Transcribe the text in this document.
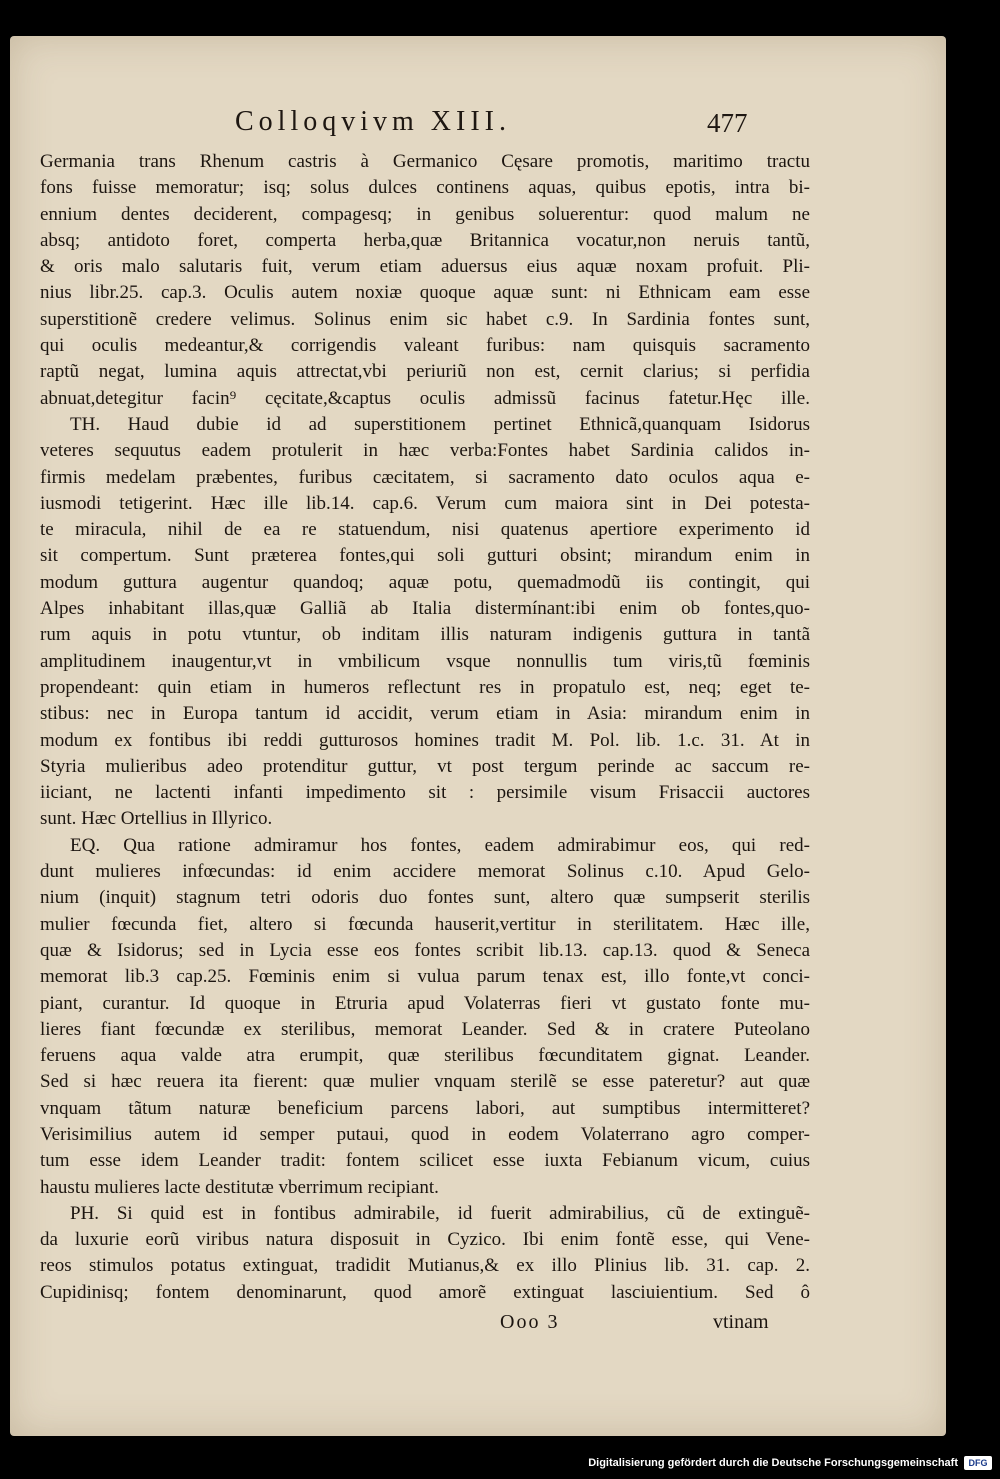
Colloqvivm XIII.	477
Germania trans Rhenum castris à Germanico Cęsare promotis, maritimo tractu
fons fuisse memoratur; isq; solus dulces continens aquas, quibus epotis, intra bi-
ennium dentes deciderent, compagesq; in genibus soluerentur: quod malum ne
absq; antidoto foret, comperta herba,quæ Britannica vocatur,non neruis tantũ,
& oris malo salutaris fuit, verum etiam aduersus eius aquæ noxam profuit. Pli-
nius libr.25. cap.3. Oculis autem noxiæ quoque aquæ sunt: ni Ethnicam eam esse
superstitionẽ credere velimus. Solinus enim sic habet c.9. In Sardinia fontes sunt,
qui oculis medeantur,& corrigendis valeant furibus: nam quisquis sacramento
raptũ negat, lumina aquis attrectat,vbi periuriũ non est, cernit clarius; si perfidia
abnuat,detegitur facin⁹ cęcitate,&captus oculis admissũ facinus fatetur.Hęc ille.
TH. Haud dubie id ad superstitionem pertinet Ethnicã,quanquam Isidorus
veteres sequutus eadem protulerit in hæc verba:Fontes habet Sardinia calidos in-
firmis medelam præbentes, furibus cæcitatem, si sacramento dato oculos aqua e-
iusmodi tetigerint. Hæc ille lib.14. cap.6. Verum cum maiora sint in Dei potesta-
te miracula, nihil de ea re statuendum, nisi quatenus apertiore experimento id
sit compertum. Sunt præterea fontes,qui soli gutturi obsint; mirandum enim in
modum guttura augentur quandoq; aquæ potu, quemadmodũ iis contingit, qui
Alpes inhabitant illas,quæ Galliã ab Italia distermínant:ibi enim ob fontes,quo-
rum aquis in potu vtuntur, ob inditam illis naturam indigenis guttura in tantã
amplitudinem inaugentur,vt in vmbilicum vsque nonnullis tum viris,tũ fœminis
propendeant: quin etiam in humeros reflectunt res in propatulo est, neq; eget te-
stibus: nec in Europa tantum id accidit, verum etiam in Asia: mirandum enim in
modum ex fontibus ibi reddi gutturosos homines tradit M. Pol. lib. 1.c. 31. At in
Styria mulieribus adeo protenditur guttur, vt post tergum perinde ac saccum re-
iiciant, ne lactenti infanti impedimento sit : persimile visum Frisaccii auctores
sunt. Hæc Ortellius in Illyrico.
EQ. Qua ratione admiramur hos fontes, eadem admirabimur eos, qui red-
dunt mulieres infœcundas: id enim accidere memorat Solinus c.10. Apud Gelo-
nium (inquit) stagnum tetri odoris duo fontes sunt, altero quæ sumpserit sterilis
mulier fœcunda fiet, altero si fœcunda hauserit,vertitur in sterilitatem. Hæc ille,
quæ & Isidorus; sed in Lycia esse eos fontes scribit lib.13. cap.13. quod & Seneca
memorat lib.3 cap.25. Fœminis enim si vulua parum tenax est, illo fonte,vt conci-
piant, curantur. Id quoque in Etruria apud Volaterras fieri vt gustato fonte mu-
lieres fiant fœcundæ ex sterilibus, memorat Leander. Sed & in cratere Puteolano
feruens aqua valde atra erumpit, quæ sterilibus fœcunditatem gignat. Leander.
Sed si hæc reuera ita fierent: quæ mulier vnquam sterilẽ se esse pateretur? aut quæ
vnquam tãtum naturæ beneficium parcens labori, aut sumptibus intermitteret?
Verisimilius autem id semper putaui, quod in eodem Volaterrano agro comper-
tum esse idem Leander tradit: fontem scilicet esse iuxta Febianum vicum, cuius
haustu mulieres lacte destitutæ vberrimum recipiant.
PH. Si quid est in fontibus admirabile, id fuerit admirabilius, cũ de extinguẽ-
da luxurie eorũ viribus natura disposuit in Cyzico. Ibi enim fontẽ esse, qui Vene-
reos stimulos potatus extinguat, tradidit Mutianus,& ex illo Plinius lib. 31. cap. 2.
Cupidinisq; fontem denominarunt, quod amorẽ extinguat lasciuientium. Sed ô
Ooo 3	vtinam
Digitalisierung gefördert durch die Deutsche Forschungsgemeinschaft	DFG
